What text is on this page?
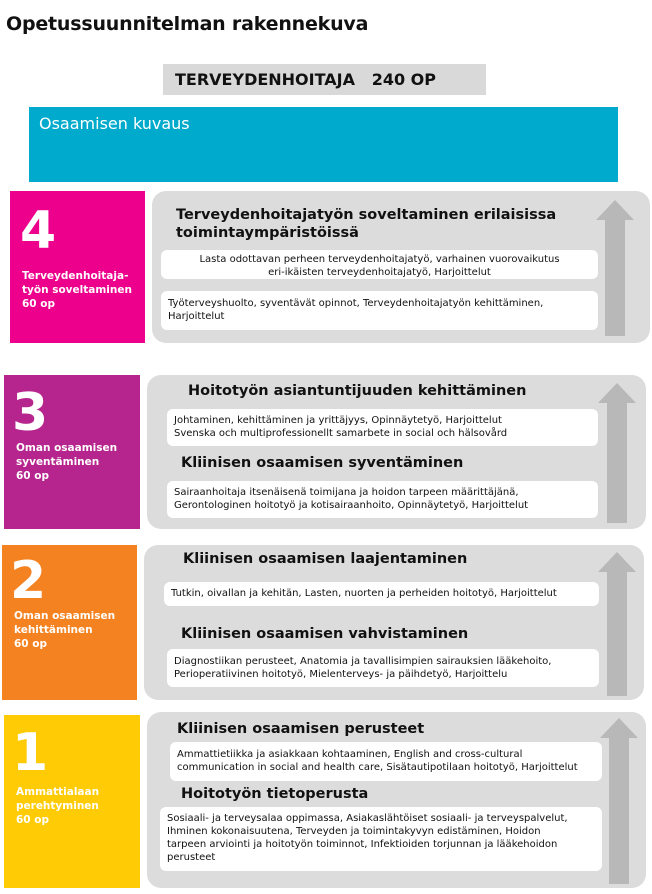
Opetussuunnitelman rakennekuva
TERVEYDENHOITAJA   240 OP
Osaamisen kuvaus
4
Terveydenhoitaja-
työn soveltaminen
60 op
Terveydenhoitajatyön soveltaminen erilaisissa
toimintaympäristöissä
Lasta odottavan perheen terveydenhoitajatyö, varhainen vuorovaikutus
eri-ikäisten terveydenhoitajatyö, Harjoittelut
Työterveyshuolto, syventävät opinnot, Terveydenhoitajatyön kehittäminen,
Harjoittelut
3
Oman osaamisen
syventäminen
60 op
Hoitotyön asiantuntijuuden kehittäminen
Johtaminen, kehittäminen ja yrittäjyys, Opinnäytetyö, Harjoittelut
Svenska och multiprofessionellt samarbete in social och hälsovård
Kliinisen osaamisen syventäminen
Sairaanhoitaja itsenäisenä toimijana ja hoidon tarpeen määrittäjänä,
Gerontologinen hoitotyö ja kotisairaanhoito, Opinnäytetyö, Harjoittelut
2
Oman osaamisen
kehittäminen
60 op
Kliinisen osaamisen laajentaminen
Tutkin, oivallan ja kehitän, Lasten, nuorten ja perheiden hoitotyö, Harjoittelut
Kliinisen osaamisen vahvistaminen
Diagnostiikan perusteet, Anatomia ja tavallisimpien sairauksien lääkehoito,
Perioperatiivinen hoitotyö, Mielenterveys- ja päihdetyö, Harjoittelu
1
Ammattialaan
perehtyminen
60 op
Kliinisen osaamisen perusteet
Ammattietiikka ja asiakkaan kohtaaminen, English and cross-cultural
communication in social and health care, Sisätautipotilaan hoitotyö, Harjoittelut
Hoitotyön tietoperusta
Sosiaali- ja terveysalaa oppimassa, Asiakaslähtöiset sosiaali- ja terveyspalvelut,
Ihminen kokonaisuutena, Terveyden ja toimintakyvyn edistäminen, Hoidon
tarpeen arviointi ja hoitotyön toiminnot, Infektioiden torjunnan ja lääkehoidon
perusteet
